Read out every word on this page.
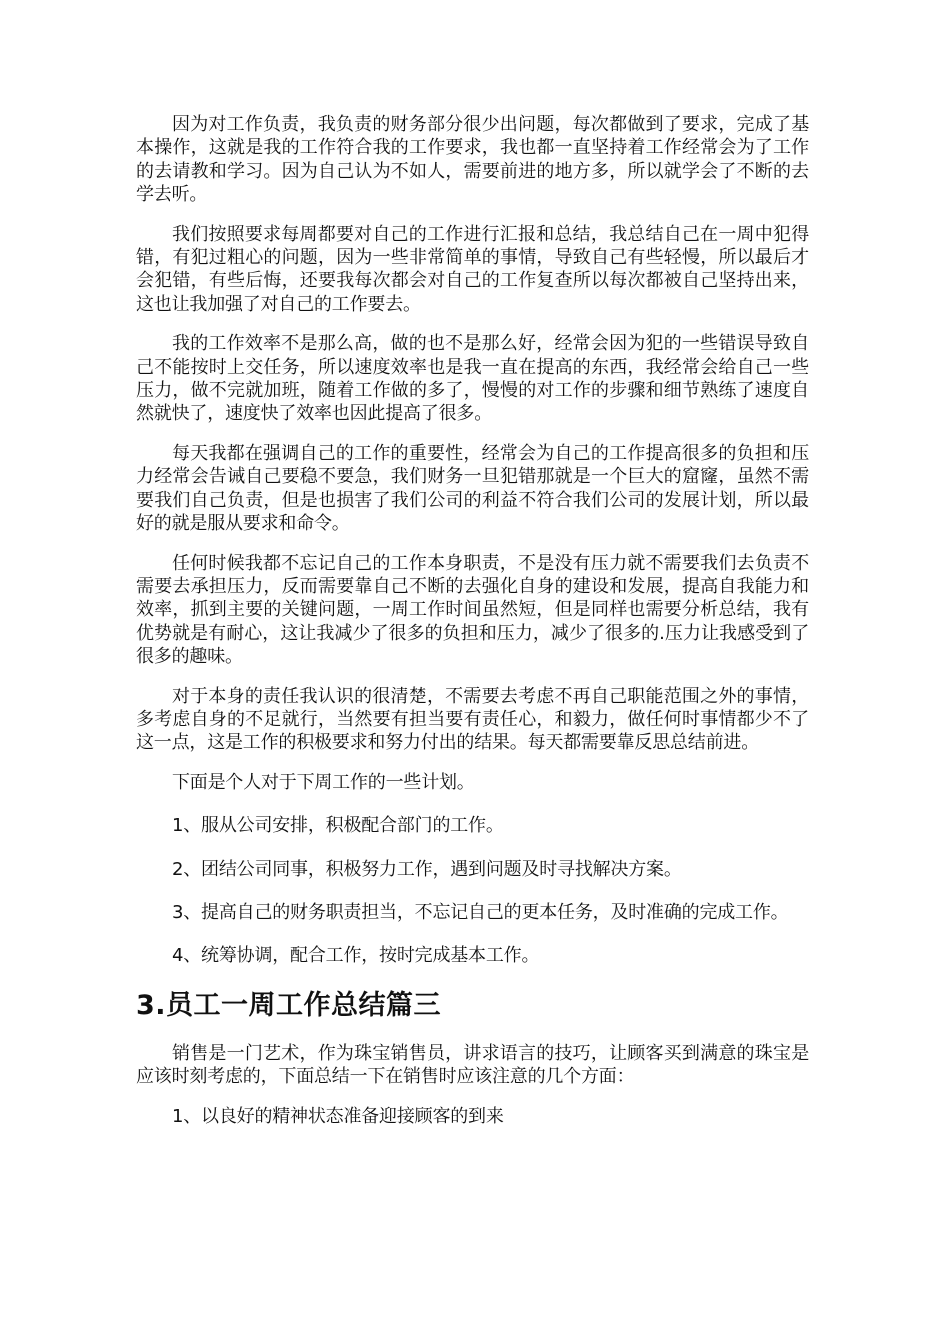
因为对工作负责，我负责的财务部分很少出问题，每次都做到了要求，完成了基本操作，这就是我的工作符合我的工作要求，我也都一直坚持着工作经常会为了工作的去请教和学习。因为自己认为不如人，需要前进的地方多，所以就学会了不断的去学去听。

我们按照要求每周都要对自己的工作进行汇报和总结，我总结自己在一周中犯得错，有犯过粗心的问题，因为一些非常简单的事情，导致自己有些轻慢，所以最后才会犯错，有些后悔，还要我每次都会对自己的工作复查所以每次都被自己坚持出来，这也让我加强了对自己的工作要去。

我的工作效率不是那么高，做的也不是那么好，经常会因为犯的一些错误导致自己不能按时上交任务，所以速度效率也是我一直在提高的东西，我经常会给自己一些压力，做不完就加班，随着工作做的多了，慢慢的对工作的步骤和细节熟练了速度自然就快了，速度快了效率也因此提高了很多。

每天我都在强调自己的工作的重要性，经常会为自己的工作提高很多的负担和压力经常会告诫自己要稳不要急，我们财务一旦犯错那就是一个巨大的窟窿，虽然不需要我们自己负责，但是也损害了我们公司的利益不符合我们公司的发展计划，所以最好的就是服从要求和命令。

任何时候我都不忘记自己的工作本身职责，不是没有压力就不需要我们去负责不需要去承担压力，反而需要靠自己不断的去强化自身的建设和发展，提高自我能力和效率，抓到主要的关键问题，一周工作时间虽然短，但是同样也需要分析总结，我有优势就是有耐心，这让我减少了很多的负担和压力，减少了很多的.压力让我感受到了很多的趣味。

对于本身的责任我认识的很清楚，不需要去考虑不再自己职能范围之外的事情，多考虑自身的不足就行，当然要有担当要有责任心，和毅力，做任何时事情都少不了这一点，这是工作的积极要求和努力付出的结果。每天都需要靠反思总结前进。

下面是个人对于下周工作的一些计划。

1、服从公司安排，积极配合部门的工作。

2、团结公司同事，积极努力工作，遇到问题及时寻找解决方案。

3、提高自己的财务职责担当，不忘记自己的更本任务，及时准确的完成工作。

4、统筹协调，配合工作，按时完成基本工作。

3.员工一周工作总结篇三

销售是一门艺术，作为珠宝销售员，讲求语言的技巧，让顾客买到满意的珠宝是应该时刻考虑的，下面总结一下在销售时应该注意的几个方面：

1、以良好的精神状态准备迎接顾客的到来
